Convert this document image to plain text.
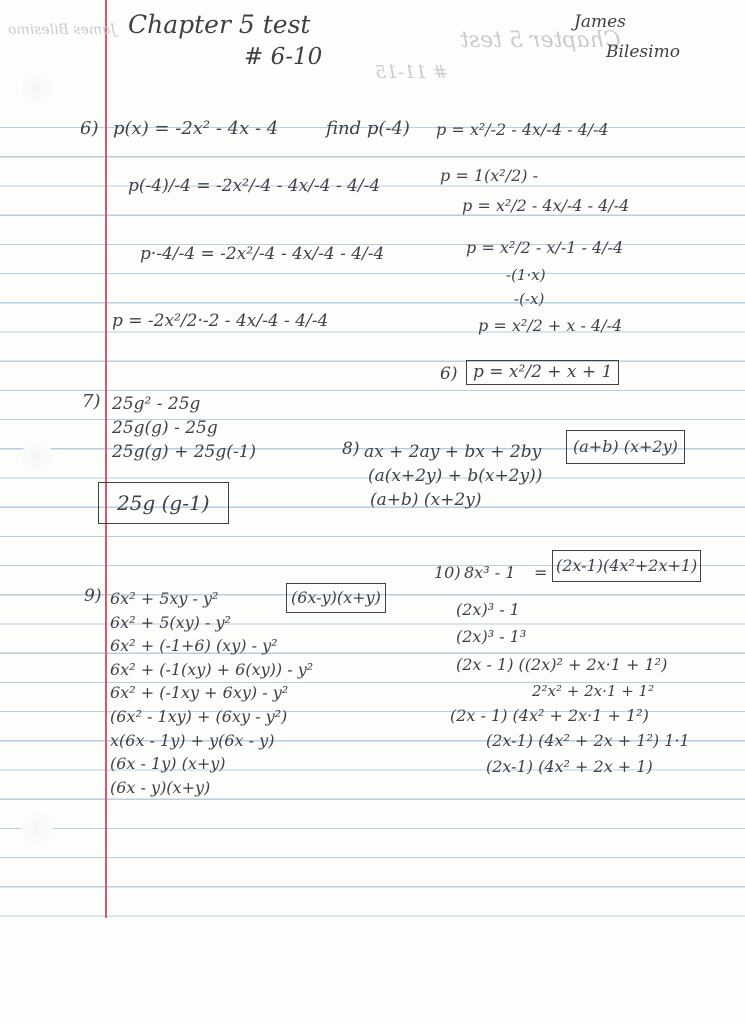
Chapter 5 test
# 11-15
James Bilesimo Chapter 5 test
# 6-10
James
Bilesimo
6) p(x) = -2x² - 4x - 4	find p(-4)
p(-4)/-4 = -2x²/-4 - 4x/-4 - 4/-4
p·-4/-4 = -2x²/-4 - 4x/-4 - 4/-4
p = -2x²/2·-2 - 4x/-4 - 4/-4
p = x²/-2 - 4x/-4 - 4/-4
p = 1(x²/2) -
p = x²/2 - 4x/-4 - 4/-4
p = x²/2 - x/-1 - 4/-4
-(1·x)
-(-x)
p = x²/2 + x - 4/-4
6) p = x²/2 + x + 1
7) 25g² - 25g
25g(g) - 25g
25g(g) + 25g(-1)
25g (g-1)
8) ax + 2ay + bx + 2by
(a(x+2y) + b(x+2y))
(a+b) (x+2y)
(a+b) (x+2y)
9) 6x² + 5xy - y²
6x² + 5(xy) - y²
6x² + (-1+6) (xy) - y²
6x² + (-1(xy) + 6(xy)) - y²
6x² + (-1xy + 6xy) - y²
(6x² - 1xy) + (6xy - y²)
x(6x - 1y) + y(6x - y)
(6x - 1y) (x+y)
(6x - y)(x+y)
(6x-y)(x+y)
10) 8x³ - 1 = (2x-1)(4x²+2x+1)
(2x)³ - 1
(2x)³ - 1³
(2x - 1) ((2x)² + 2x·1 + 1²)
2²x² + 2x·1 + 1²
(2x - 1) (4x² + 2x·1 + 1²)
(2x-1) (4x² + 2x + 1²) 1·1
(2x-1) (4x² + 2x + 1)
